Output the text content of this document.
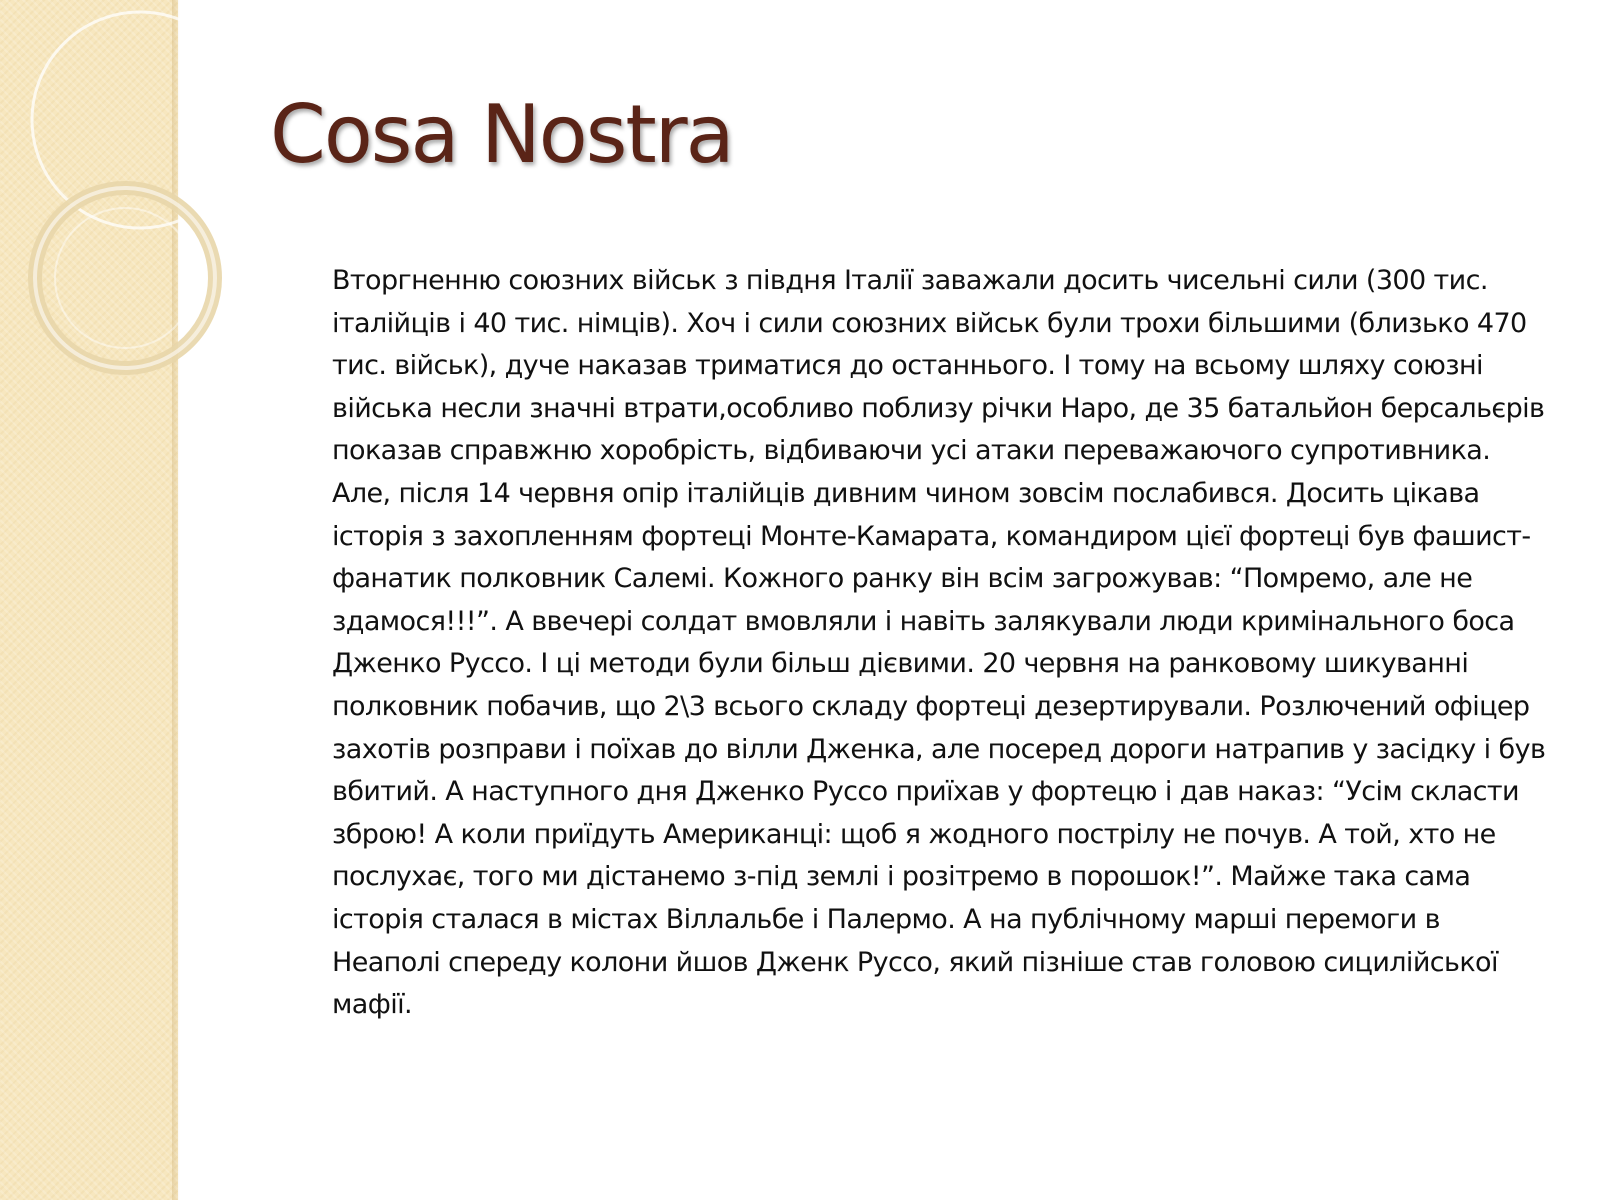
Cosa Nostra

Вторгненню союзних військ з півдня Італії заважали досить чисельні сили (300 тис. італійців і 40 тис. німців). Хоч і сили союзних військ були трохи більшими (близько 470 тис. військ), дуче наказав триматися до останнього. І тому на всьому шляху союзні війська несли значні втрати,особливо поблизу річки Наро, де 35 батальйон берсальєрів показав справжню хоробрість, відбиваючи усі атаки переважаючого супротивника. Але, після 14 червня опір італійців дивним чином зовсім послабився. Досить цікава історія з захопленням фортеці Монте-Камарата, командиром цієї фортеці був фашист-фанатик полковник Салемі. Кожного ранку він всім загрожував: “Помремо, але не здамося!!!”. А ввечері солдат вмовляли і навіть залякували люди кримінального боса Дженко Руссо. І ці методи були більш дієвими. 20 червня на ранковому шикуванні полковник побачив, що 2\3 всього складу фортеці дезертирували. Розлючений офіцер захотів розправи і поїхав до вілли Дженка, але посеред дороги натрапив у засідку і був вбитий. А наступного дня Дженко Руссо приїхав у фортецю і дав наказ: “Усім скласти зброю! А коли приїдуть Американці: щоб я жодного пострілу не почув. А той, хто не послухає, того ми дістанемо з-під землі і розітремо в порошок!”. Майже така сама історія сталася в містах Віллальбе і Палермо. А на публічному марші перемоги в Неаполі спереду колони йшов Дженк Руссо, який пізніше став головою сицилійської мафії.
